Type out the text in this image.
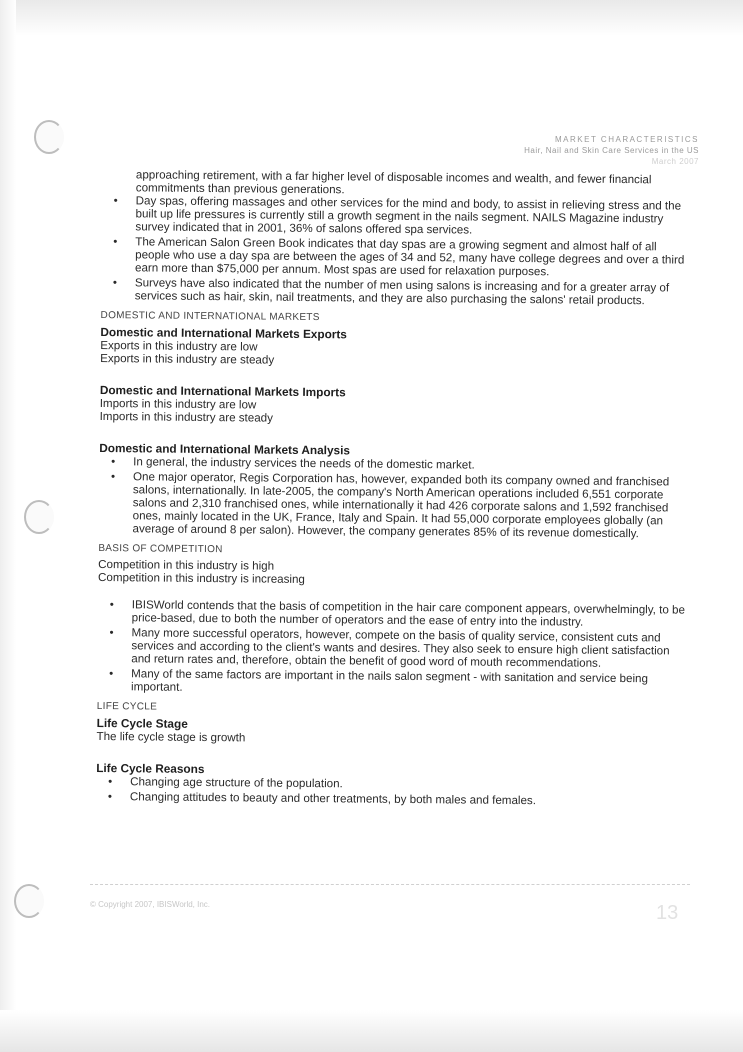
MARKET CHARACTERISTICS
Hair, Nail and Skin Care Services in the US
March 2007

approaching retirement, with a far higher level of disposable incomes and wealth, and fewer financial commitments than previous generations.

• Day spas, offering massages and other services for the mind and body, to assist in relieving stress and the built up life pressures is currently still a growth segment in the nails segment. NAILS Magazine industry survey indicated that in 2001, 36% of salons offered spa services.
• The American Salon Green Book indicates that day spas are a growing segment and almost half of all people who use a day spa are between the ages of 34 and 52, many have college degrees and over a third earn more than $75,000 per annum. Most spas are used for relaxation purposes.
• Surveys have also indicated that the number of men using salons is increasing and for a greater array of services such as hair, skin, nail treatments, and they are also purchasing the salons' retail products.
DOMESTIC AND INTERNATIONAL MARKETS
Domestic and International Markets Exports

Exports in this industry are low

Exports in this industry are steady

Domestic and International Markets Imports

Imports in this industry are low

Imports in this industry are steady

Domestic and International Markets Analysis
• In general, the industry services the needs of the domestic market.
• One major operator, Regis Corporation has, however, expanded both its company owned and franchised salons, internationally. In late-2005, the company's North American operations included 6,551 corporate salons and 2,310 franchised ones, while internationally it had 426 corporate salons and 1,592 franchised ones, mainly located in the UK, France, Italy and Spain. It had 55,000 corporate employees globally (an average of around 8 per salon). However, the company generates 85% of its revenue domestically.
BASIS OF COMPETITION

Competition in this industry is high

Competition in this industry is increasing

• IBISWorld contends that the basis of competition in the hair care component appears, overwhelmingly, to be price-based, due to both the number of operators and the ease of entry into the industry.
• Many more successful operators, however, compete on the basis of quality service, consistent cuts and services and according to the client's wants and desires. They also seek to ensure high client satisfaction and return rates and, therefore, obtain the benefit of good word of mouth recommendations.
• Many of the same factors are important in the nails salon segment - with sanitation and service being important.
LIFE CYCLE
Life Cycle Stage

The life cycle stage is growth

Life Cycle Reasons
• Changing age structure of the population.
• Changing attitudes to beauty and other treatments, by both males and females.
© Copyright 2007, IBISWorld, Inc.	13
